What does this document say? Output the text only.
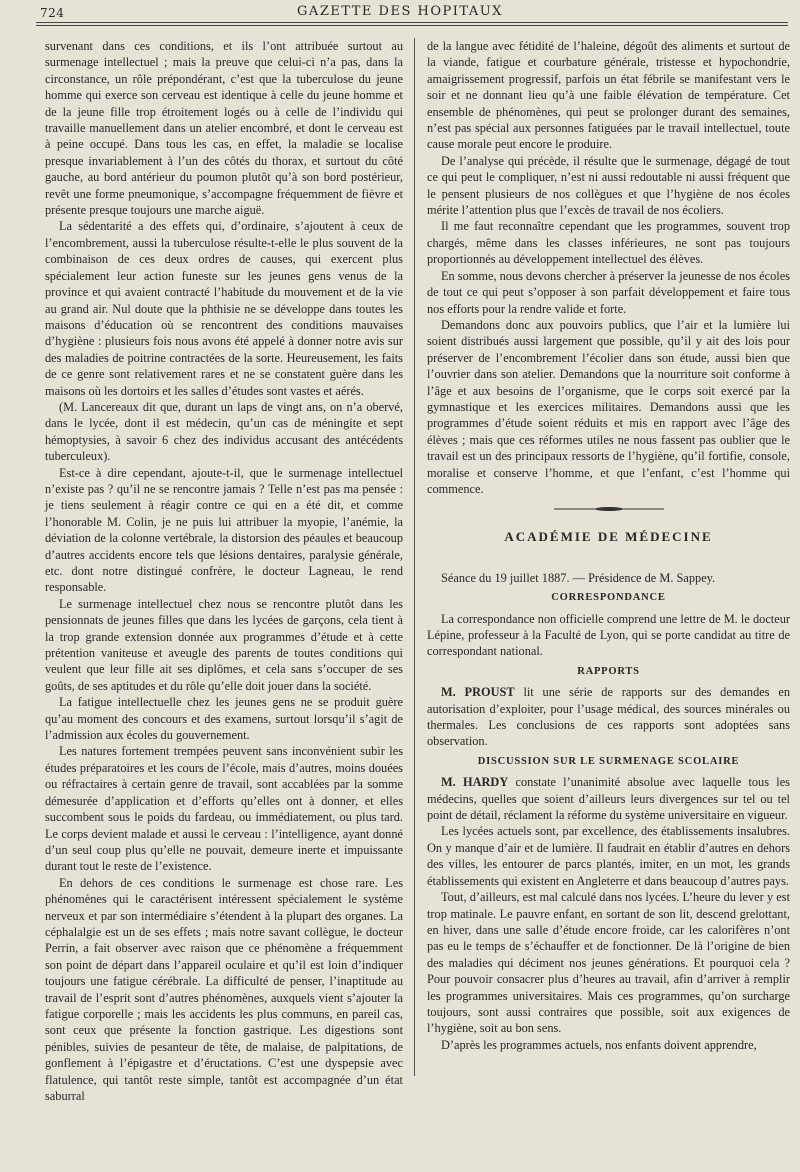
724	GAZETTE DES HOPITAUX

survenant dans ces conditions, et ils l’ont attribuée surtout au surmenage intellectuel ; mais la preuve que celui-ci n’a pas, dans la circonstance, un rôle prépondérant, c’est que la tuberculose du jeune homme qui exerce son cerveau est identique à celle du jeune homme et de la jeune fille trop étroitement logés ou à celle de l’individu qui travaille manuellement dans un atelier encombré, et dont le cerveau est à peine occupé. Dans tous les cas, en effet, la maladie se localise presque invariablement à l’un des côtés du thorax, et surtout du côté gauche, au bord antérieur du poumon plutôt qu’à son bord postérieur, revêt une forme pneumonique, s’accompagne fréquemment de fièvre et présente presque toujours une marche aiguë.

La sédentarité a des effets qui, d’ordinaire, s’ajoutent à ceux de l’encombrement, aussi la tuberculose résulte-t-elle le plus souvent de la combinaison de ces deux ordres de causes, qui exercent plus spécialement leur action funeste sur les jeunes gens venus de la province et qui avaient contracté l’habitude du mouvement et de la vie au grand air. Nul doute que la phthisie ne se développe dans toutes les maisons d’éducation où se rencontrent des conditions mauvaises d’hygiène : plusieurs fois nous avons été appelé à donner notre avis sur des maladies de poitrine contractées de la sorte. Heureusement, les faits de ce genre sont relativement rares et ne se constatent guère dans les maisons où les dortoirs et les salles d’études sont vastes et aérés.

(M. Lancereaux dit que, durant un laps de vingt ans, on n’a obervé, dans le lycée, dont il est médecin, qu’un cas de méningite et sept hémoptysies, à savoir 6 chez des individus accusant des antécédents tuberculeux).

Est-ce à dire cependant, ajoute-t-il, que le surmenage intellectuel n’existe pas ? qu’il ne se rencontre jamais ? Telle n’est pas ma pensée : je tiens seulement à réagir contre ce qui en a été dit, et comme l’honorable M. Colin, je ne puis lui attribuer la myopie, l’anémie, la déviation de la colonne vertébrale, la distorsion des péaules et beaucoup d’autres accidents encore tels que lésions dentaires, paralysie générale, etc. dont notre distingué confrère, le docteur Lagneau, le rend responsable.

Le surmenage intellectuel chez nous se rencontre plutôt dans les pensionnats de jeunes filles que dans les lycées de garçons, cela tient à la trop grande extension donnée aux programmes d’étude et à cette prétention vaniteuse et aveugle des parents de toutes conditions qui veulent que leur fille ait ses diplômes, et cela sans s’occuper de ses goûts, de ses aptitudes et du rôle qu’elle doit jouer dans la société.

La fatigue intellectuelle chez les jeunes gens ne se produit guère qu’au moment des concours et des examens, surtout lorsqu’il s’agit de l’admission aux écoles du gouvernement.

Les natures fortement trempées peuvent sans inconvénient subir les études préparatoires et les cours de l’école, mais d’autres, moins douées ou réfractaires à certain genre de travail, sont accablées par la somme démesurée d’application et d’efforts qu’elles ont à donner, et elles succombent sous le poids du fardeau, ou immédiatement, ou plus tard. Le corps devient malade et aussi le cerveau : l’intelligence, ayant donné d’un seul coup plus qu’elle ne pouvait, demeure inerte et impuissante durant tout le reste de l’existence.

En dehors de ces conditions le surmenage est chose rare. Les phénomènes qui le caractérisent intéressent spécialement le système nerveux et par son intermédiaire s’étendent à la plupart des organes. La céphalalgie est un de ses effets ; mais notre savant collègue, le docteur Perrin, a fait observer avec raison que ce phénomène a fréquemment son point de départ dans l’appareil oculaire et qu’il est loin d’indiquer toujours une fatigue cérébrale. La difficulté de penser, l’inaptitude au travail de l’esprit sont d’autres phénomènes, auxquels vient s’ajouter la fatigue corporelle ; mais les accidents les plus communs, en pareil cas, sont ceux que présente la fonction gastrique. Les digestions sont pénibles, suivies de pesanteur de tête, de malaise, de palpitations, de gonflement à l’épigastre et d’éructations. C’est une dyspepsie avec flatulence, qui tantôt reste simple, tantôt est accompagnée d’un état saburral

de la langue avec fétidité de l’haleine, dégoût des aliments et surtout de la viande, fatigue et courbature générale, tristesse et hypochondrie, amaigrissement progressif, parfois un état fébrile se manifestant vers le soir et ne donnant lieu qu’à une faible élévation de température. Cet ensemble de phénomènes, qui peut se prolonger durant des semaines, n’est pas spécial aux personnes fatiguées par le travail intellectuel, toute cause morale peut encore le produire.

De l’analyse qui précède, il résulte que le surmenage, dégagé de tout ce qui peut le compliquer, n’est ni aussi redoutable ni aussi fréquent que le pensent plusieurs de nos collègues et que l’hygiène de nos écoles mérite l’attention plus que l’excès de travail de nos écoliers.

Il me faut reconnaître cependant que les programmes, souvent trop chargés, même dans les classes inférieures, ne sont pas toujours proportionnés au développement intellectuel des élèves.

En somme, nous devons chercher à préserver la jeunesse de nos écoles de tout ce qui peut s’opposer à son parfait développement et faire tous nos efforts pour la rendre valide et forte.

Demandons donc aux pouvoirs publics, que l’air et la lumière lui soient distribués aussi largement que possible, qu’il y ait des lois pour préserver de l’encombrement l’écolier dans son étude, aussi bien que l’ouvrier dans son atelier. Demandons que la nourriture soit conforme à l’âge et aux besoins de l’organisme, que le corps soit exercé par la gymnastique et les exercices militaires. Demandons aussi que les programmes d’étude soient réduits et mis en rapport avec l’âge des élèves ; mais que ces réformes utiles ne nous fassent pas oublier que le travail est un des principaux ressorts de l’hygiène, qu’il fortifie, console, moralise et conserve l’homme, et que l’enfant, c’est l’homme qui commence.

ACADÉMIE DE MÉDECINE

Séance du 19 juillet 1887. — Présidence de M. Sappey.

CORRESPONDANCE

La correspondance non officielle comprend une lettre de M. le docteur Lépine, professeur à la Faculté de Lyon, qui se porte candidat au titre de correspondant national.

RAPPORTS

M. PROUST lit une série de rapports sur des demandes en autorisation d’exploiter, pour l’usage médical, des sources minérales ou thermales. Les conclusions de ces rapports sont adoptées sans observation.

DISCUSSION SUR LE SURMENAGE SCOLAIRE

M. HARDY constate l’unanimité absolue avec laquelle tous les médecins, quelles que soient d’ailleurs leurs divergences sur tel ou tel point de détail, réclament la réforme du système universitaire en vigueur.

Les lycées actuels sont, par excellence, des établissements insalubres. On y manque d’air et de lumière. Il faudrait en établir d’autres en dehors des villes, les entourer de parcs plantés, imiter, en un mot, les grands établissements qui existent en Angleterre et dans beaucoup d’autres pays.

Tout, d’ailleurs, est mal calculé dans nos lycées. L’heure du lever y est trop matinale. Le pauvre enfant, en sortant de son lit, descend grelottant, en hiver, dans une salle d’étude encore froide, car les calorifères n’ont pas eu le temps de s’échauffer et de fonctionner. De là l’origine de bien des maladies qui déciment nos jeunes générations. Et pourquoi cela ? Pour pouvoir consacrer plus d’heures au travail, afin d’arriver à remplir les programmes universitaires. Mais ces programmes, qu’on surcharge toujours, sont aussi contraires que possible, soit aux exigences de l’hygiène, soit au bon sens.

D’après les programmes actuels, nos enfants doivent apprendre,
